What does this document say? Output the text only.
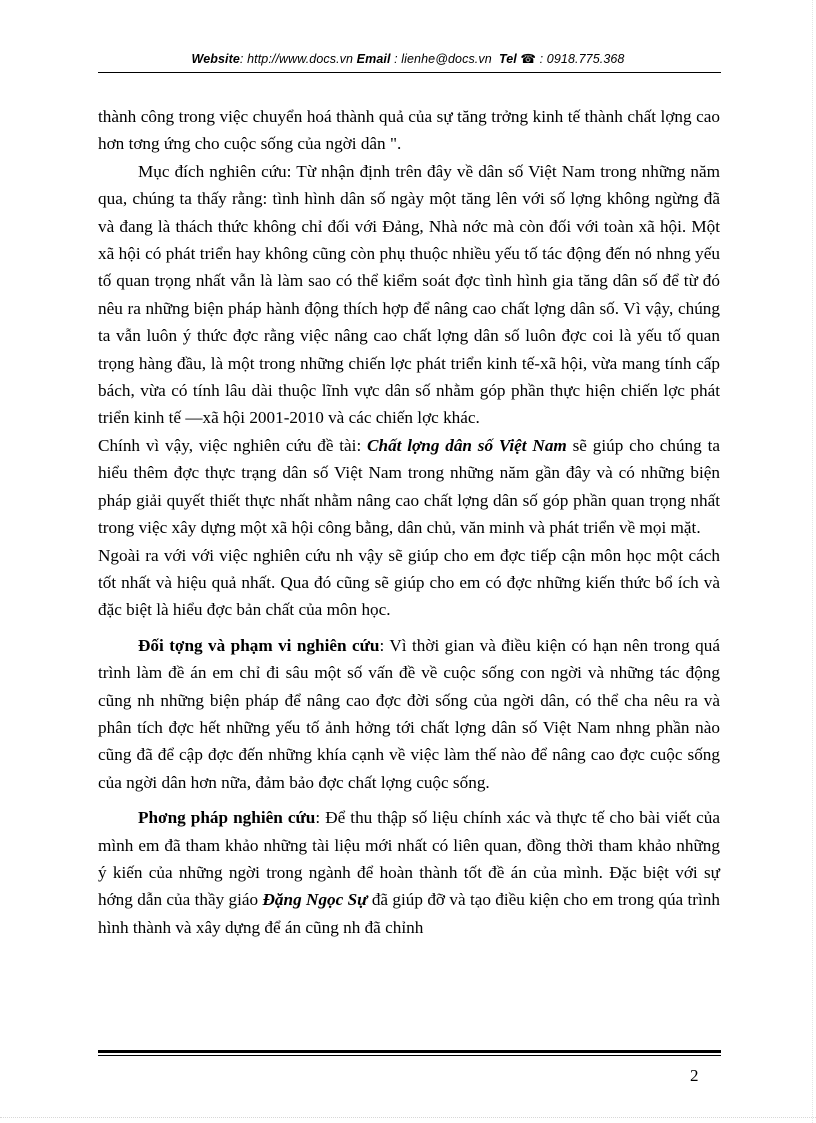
Website: http://www.docs.vn Email : lienhe@docs.vn Tel ☎ : 0918.775.368

thành công trong việc chuyển hoá thành quả của sự tăng trởng kinh tế thành chất lợng cao hơn tơng ứng cho cuộc sống của ngời dân ".

Mục đích nghiên cứu: Từ nhận định trên đây về dân số Việt Nam trong những năm qua, chúng ta thấy rằng: tình hình dân số ngày một tăng lên với số lợng không ngừng đã và đang là thách thức không chỉ đối với Đảng, Nhà nớc mà còn đối với toàn xã hội. Một xã hội có phát triển hay không cũng còn phụ thuộc nhiều yếu tố tác động đến nó nhng yếu tố quan trọng nhất vẫn là làm sao có thể kiểm soát đợc tình hình gia tăng dân số để từ đó nêu ra những biện pháp hành động thích hợp để nâng cao chất lợng dân số. Vì vậy, chúng ta vẫn luôn ý thức đợc rằng việc nâng cao chất lợng dân số luôn đợc coi là yếu tố quan trọng hàng đầu, là một trong những chiến lợc phát triển kinh tế-xã hội, vừa mang tính cấp bách, vừa có tính lâu dài thuộc lĩnh vực dân số nhằm góp phần thực hiện chiến lợc phát triển kinh tế —xã hội 2001-2010 và các chiến lợc khác.

Chính vì vậy, việc nghiên cứu đề tài: Chất lợng dân số Việt Nam sẽ giúp cho chúng ta hiểu thêm đợc thực trạng dân số Việt Nam trong những năm gần đây và có những biện pháp giải quyết thiết thực nhất nhằm nâng cao chất lợng dân số góp phần quan trọng nhất trong việc xây dựng một xã hội công bằng, dân chủ, văn minh và phát triển về mọi mặt.

Ngoài ra với với việc nghiên cứu nh vậy sẽ giúp cho em đợc tiếp cận môn học một cách tốt nhất và hiệu quả nhất. Qua đó cũng sẽ giúp cho em có đợc những kiến thức bổ ích và đặc biệt là hiểu đợc bản chất của môn học.

Đối tợng và phạm vi nghiên cứu: Vì thời gian và điều kiện có hạn nên trong quá trình làm đề án em chỉ đi sâu một số vấn đề về cuộc sống con ngời và những tác động cũng nh những biện pháp để nâng cao đợc đời sống của ngời dân, có thể cha nêu ra và phân tích đợc hết những yếu tố ảnh hởng tới chất lợng dân số Việt Nam nhng phần nào cũng đã để cập đợc đến những khía cạnh về việc làm thế nào để nâng cao đợc cuộc sống của ngời dân hơn nữa, đảm bảo đợc chất lợng cuộc sống.

Phơng pháp nghiên cứu: Để thu thập số liệu chính xác và thực tế cho bài viết của mình em đã tham khảo những tài liệu mới nhất có liên quan, đồng thời tham khảo những ý kiến của những ngời trong ngành để hoàn thành tốt đề án của mình. Đặc biệt với sự hớng dẫn của thầy giáo Đặng Ngọc Sự đã giúp đỡ và tạo điều kiện cho em trong qúa trình hình thành và xây dựng để án cũng nh đã chỉnh

2
